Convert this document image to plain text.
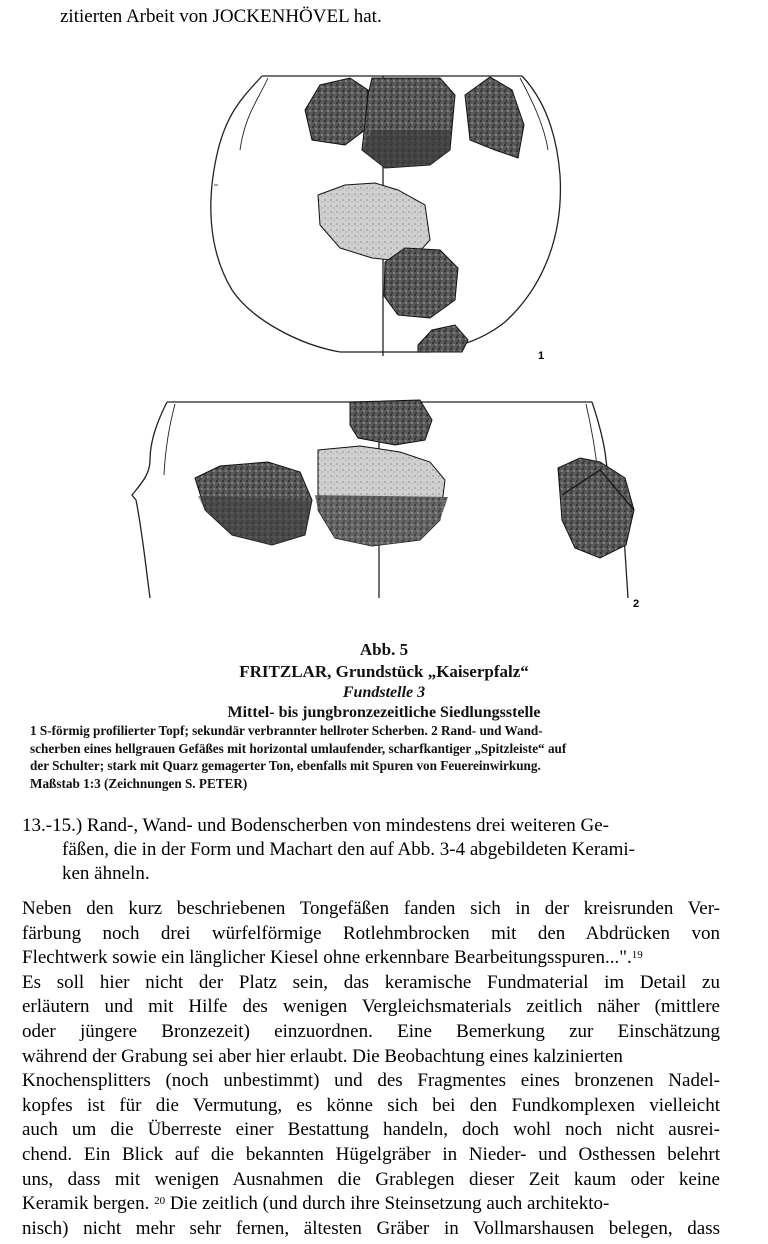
zitierten Arbeit von JOCKENHÖVEL hat.
1
2
Abb. 5
FRITZLAR, Grundstück „Kaiserpfalz“
Fundstelle 3
Mittel- bis jungbronzezeitliche Siedlungsstelle
1 S-förmig profilierter Topf; sekundär verbrannter hellroter Scherben. 2 Rand- und Wand-
scherben eines hellgrauen Gefäßes mit horizontal umlaufender, scharfkantiger „Spitzleiste“ auf
der Schulter; stark mit Quarz gemagerter Ton, ebenfalls mit Spuren von Feuereinwirkung.
Maßstab 1:3 (Zeichnungen S. PETER)
13.-15.) Rand-, Wand- und Bodenscherben von mindestens drei weiteren Ge-
fäßen, die in der Form und Machart den auf Abb. 3-4 abgebildeten Kerami-
ken ähneln.
Neben den kurz beschriebenen Tongefäßen fanden sich in der kreisrunden Ver-
färbung noch drei würfelförmige Rotlehmbrocken mit den Abdrücken von
Flechtwerk sowie ein länglicher Kiesel ohne erkennbare Bearbeitungsspuren...".$^{19}$
Es soll hier nicht der Platz sein, das keramische Fundmaterial im Detail zu
erläutern und mit Hilfe des wenigen Vergleichsmaterials zeitlich näher (mittlere
oder jüngere Bronzezeit) einzuordnen. Eine Bemerkung zur Einschätzung
während der Grabung sei aber hier erlaubt. Die Beobachtung eines kalzinierten
Knochensplitters (noch unbestimmt) und des Fragmentes eines bronzenen Nadel-
kopfes ist für die Vermutung, es könne sich bei den Fundkomplexen vielleicht
auch um die Überreste einer Bestattung handeln, doch wohl noch nicht ausrei-
chend. Ein Blick auf die bekannten Hügelgräber in Nieder- und Osthessen belehrt
uns, dass mit wenigen Ausnahmen die Grablegen dieser Zeit kaum oder keine
Keramik bergen. $^{20}$ Die zeitlich (und durch ihre Steinsetzung auch architekto-
nisch) nicht mehr sehr fernen, ältesten Gräber in Vollmarshausen belegen, dass
